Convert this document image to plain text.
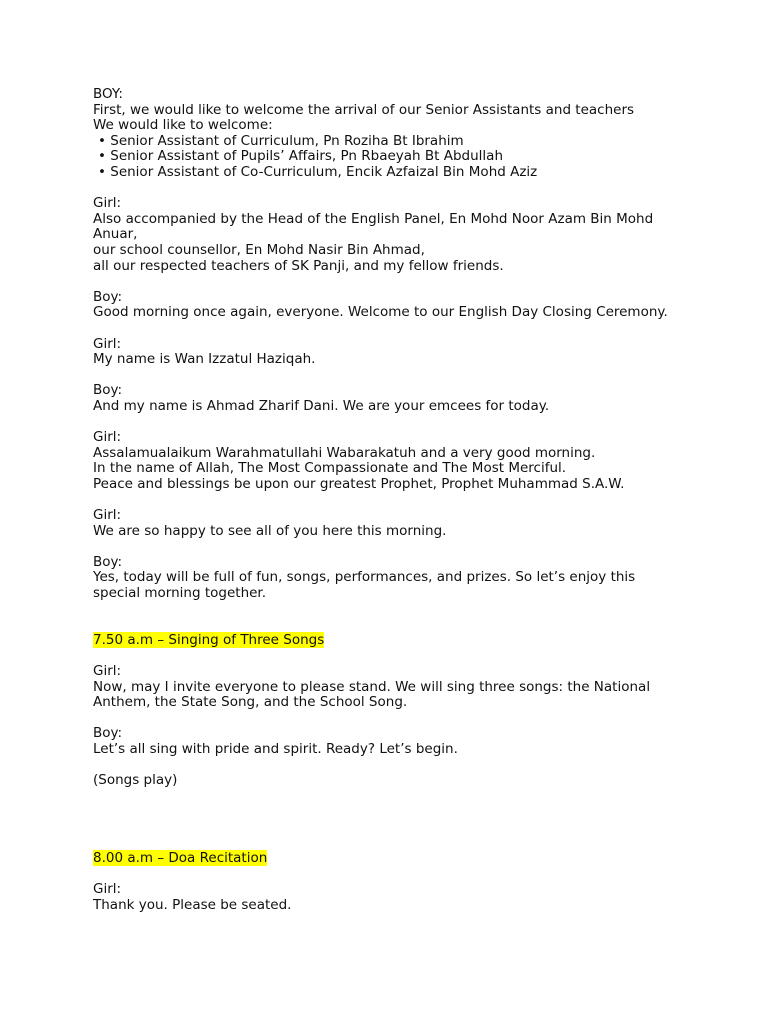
BOY:
First, we would like to welcome the arrival of our Senior Assistants and teachers
We would like to welcome:
• Senior Assistant of Curriculum, Pn Roziha Bt Ibrahim
• Senior Assistant of Pupils’ Affairs, Pn Rbaeyah Bt Abdullah
• Senior Assistant of Co-Curriculum, Encik Azfaizal Bin Mohd Aziz
Girl:
Also accompanied by the Head of the English Panel, En Mohd Noor Azam Bin Mohd Anuar,
our school counsellor, En Mohd Nasir Bin Ahmad,
all our respected teachers of SK Panji, and my fellow friends.
Boy:
Good morning once again, everyone. Welcome to our English Day Closing Ceremony.
Girl:
My name is Wan Izzatul Haziqah.
Boy:
And my name is Ahmad Zharif Dani. We are your emcees for today.
Girl:
Assalamualaikum Warahmatullahi Wabarakatuh and a very good morning.
In the name of Allah, The Most Compassionate and The Most Merciful.
Peace and blessings be upon our greatest Prophet, Prophet Muhammad S.A.W.
Girl:
We are so happy to see all of you here this morning.
Boy:
Yes, today will be full of fun, songs, performances, and prizes. So let’s enjoy this special morning together.
7.50 a.m – Singing of Three Songs
Girl:
Now, may I invite everyone to please stand. We will sing three songs: the National Anthem, the State Song, and the School Song.
Boy:
Let’s all sing with pride and spirit. Ready? Let’s begin.
(Songs play)
8.00 a.m – Doa Recitation
Girl:
Thank you. Please be seated.
